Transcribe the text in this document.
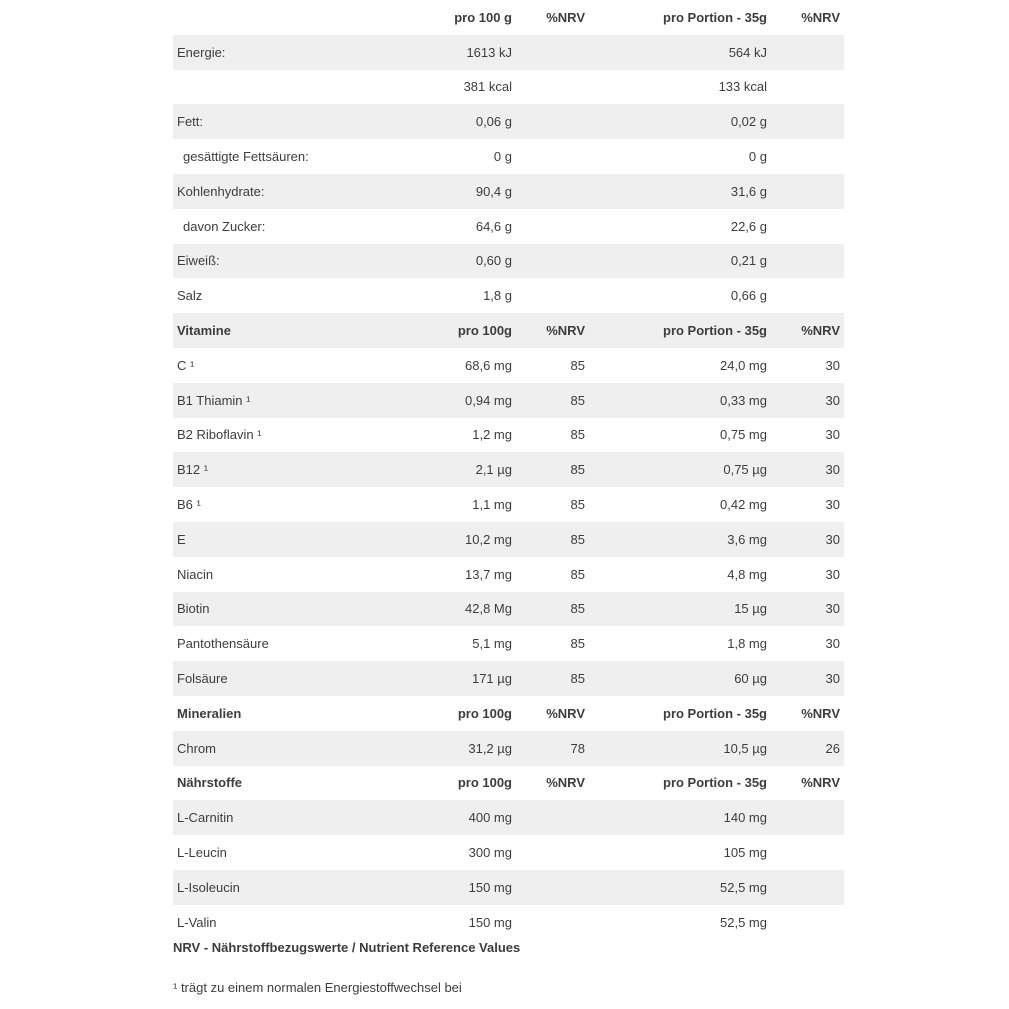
	pro 100 g	%NRV	pro Portion - 35g	%NRV
Energie:	1613 kJ		564 kJ	
	381 kcal		133 kcal	
Fett:	0,06 g		0,02 g	
gesättigte Fettsäuren:	0 g		0 g	
Kohlenhydrate:	90,4 g		31,6 g	
davon Zucker:	64,6 g		22,6 g	
Eiweiß:	0,60 g		0,21 g	
Salz	1,8 g		0,66 g	
Vitamine	pro 100g	%NRV	pro Portion - 35g	%NRV
C ¹	68,6 mg	85	24,0 mg	30
B1 Thiamin ¹	0,94 mg	85	0,33 mg	30
B2 Riboflavin ¹	1,2 mg	85	0,75 mg	30
B12 ¹	2,1 µg	85	0,75 µg	30
B6 ¹	1,1 mg	85	0,42 mg	30
E	10,2 mg	85	3,6 mg	30
Niacin	13,7 mg	85	4,8 mg	30
Biotin	42,8 Mg	85	15 µg	30
Pantothensäure	5,1 mg	85	1,8 mg	30
Folsäure	171 µg	85	60 µg	30
Mineralien	pro 100g	%NRV	pro Portion - 35g	%NRV
Chrom	31,2 µg	78	10,5 µg	26
Nährstoffe	pro 100g	%NRV	pro Portion - 35g	%NRV
L-Carnitin	400 mg		140 mg	
L-Leucin	300 mg		105 mg	
L-Isoleucin	150 mg		52,5 mg	
L-Valin	150 mg		52,5 mg	
NRV - Nährstoffbezugswerte / Nutrient Reference Values
¹ trägt zu einem normalen Energiestoffwechsel bei
